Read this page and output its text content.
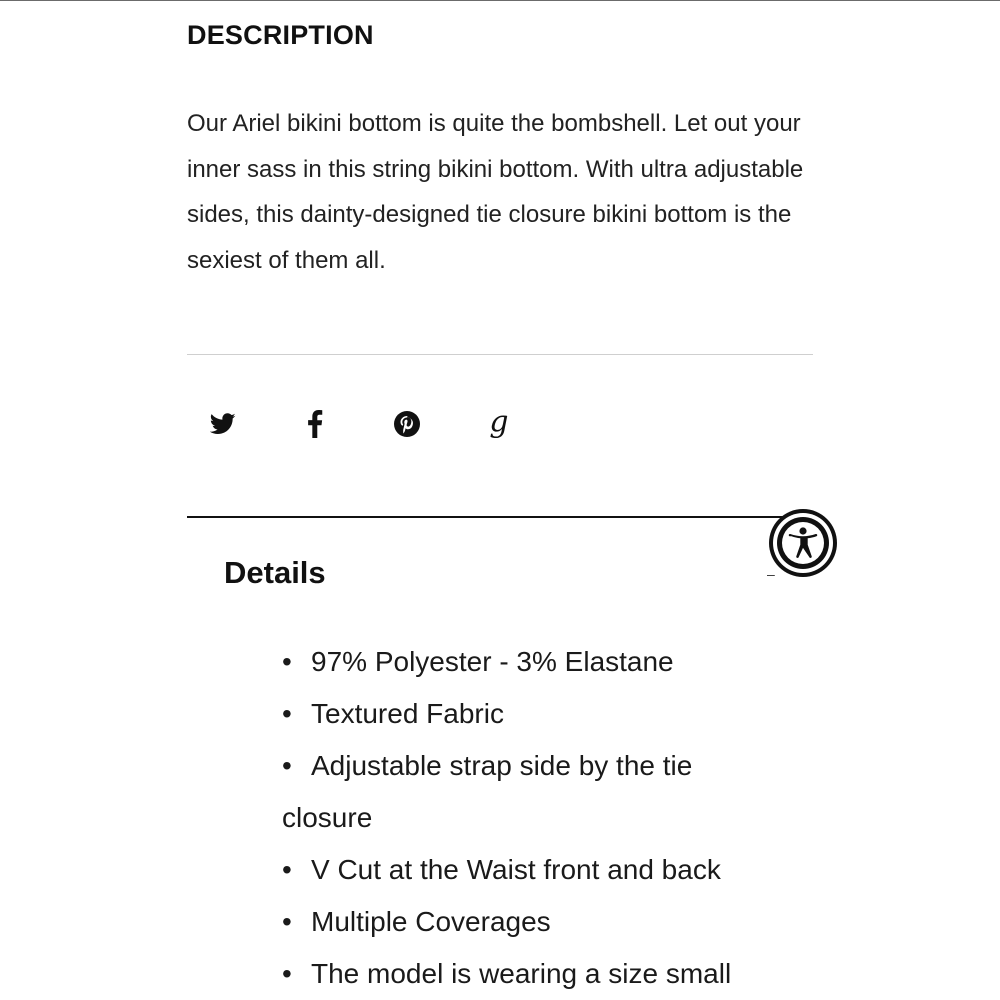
DESCRIPTION

Our Ariel bikini bottom is quite the bombshell. Let out your inner sass in this string bikini bottom. With ultra adjustable sides, this dainty-designed tie closure bikini bottom is the sexiest of them all.

g
Details	–
• 97% Polyester - 3% Elastane
• Textured Fabric
• Adjustable strap side by the tie closure
• V Cut at the Waist front and back
• Multiple Coverages
• The model is wearing a size small
